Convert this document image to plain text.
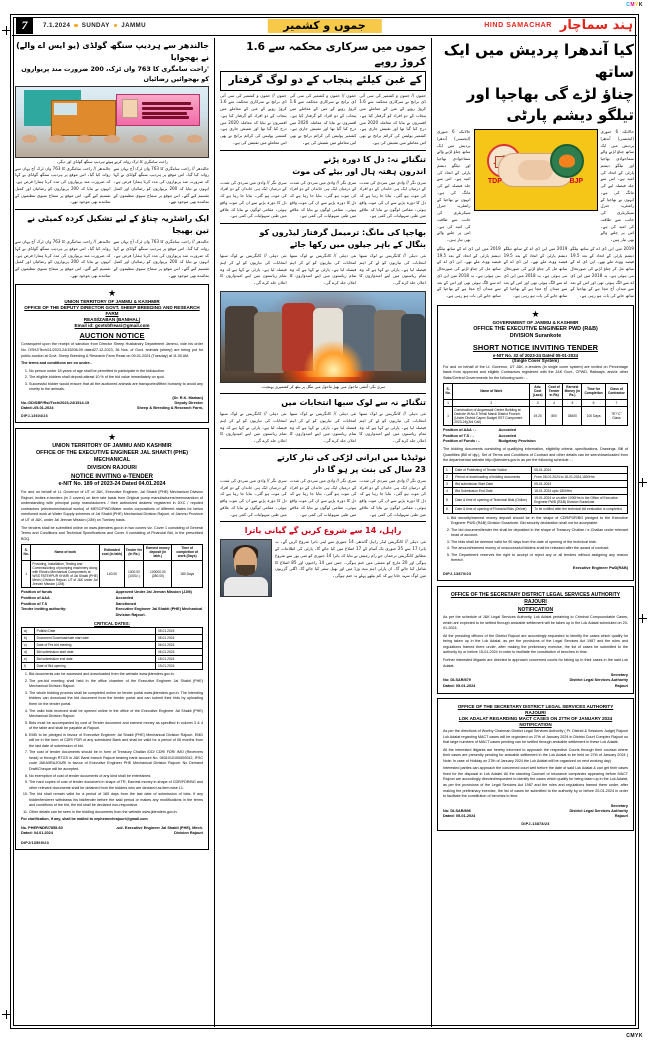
CMYK
CMYK
7	7.1.2024 SUNDAY JAMMU	جموں و کشمیر	HIND SAMACHAR ہند سماچار
جالندھر سے ہردیپ سنگھ گولڈی (یو ایس اے والے) نے بھجوایا
'راحت سامگری کا 763 واں ٹرک، 200 ضرورت مند پریواروں کو بھجوائیں رضائیاں
راحت سامگری کا ٹرک روانہ کرتے ہوئے ہردیپ سنگھ گولڈی اور دیگر۔
جالندھر // راحت سامگری کا 763 واں ٹرک آج یہاں سے روانہ کیا گیا۔ اس موقع پر ہردیپ سنگھ گولڈی نے کہا کہ ضرورت مند پریواروں کی مدد کرنا ہمارا فرض ہے۔ انہوں نے بتایا کہ 200 پریواروں کو رضائیاں اور کمبل تقسیم کیے گئے۔ اس موقع پر سماج سیوی تنظیموں کے نمائندے بھی موجود تھے۔
جالندھر // راحت سامگری کا 763 واں ٹرک آج یہاں سے روانہ کیا گیا۔ اس موقع پر ہردیپ سنگھ گولڈی نے کہا کہ ضرورت مند پریواروں کی مدد کرنا ہمارا فرض ہے۔ انہوں نے بتایا کہ 200 پریواروں کو رضائیاں اور کمبل تقسیم کیے گئے۔ اس موقع پر سماج سیوی تنظیموں کے نمائندے بھی موجود تھے۔
ایک راشٹریہ چناؤ کے لیے تشکیل کردہ کمیٹی نے تین بھیجا
جالندھر // راحت سامگری کا 763 واں ٹرک آج یہاں سے روانہ کیا گیا۔ اس موقع پر ہردیپ سنگھ گولڈی نے کہا کہ ضرورت مند پریواروں کی مدد کرنا ہمارا فرض ہے۔ انہوں نے بتایا کہ 200 پریواروں کو رضائیاں اور کمبل تقسیم کیے گئے۔ اس موقع پر سماج سیوی تنظیموں کے نمائندے بھی موجود تھے۔
جالندھر // راحت سامگری کا 763 واں ٹرک آج یہاں سے روانہ کیا گیا۔ اس موقع پر ہردیپ سنگھ گولڈی نے کہا کہ ضرورت مند پریواروں کی مدد کرنا ہمارا فرض ہے۔ انہوں نے بتایا کہ 200 پریواروں کو رضائیاں اور کمبل تقسیم کیے گئے۔ اس موقع پر سماج سیوی تنظیموں کے نمائندے بھی موجود تھے۔
★
UNION TERRITORY OF JAMMU & KASHMIR
OFFICE OF THE DEPUTY DIRECTOR GOVT. SHEEP BREEDING AND RESEARCH FARM
REASI/ZABAN (BANIHAL)
Email id: govtsbfreasi@gmail.com
AUCTION NOTICE
Consequent upon the receipt of sanction from Director Sheep Husbandry Department Jammu, vide his order No. DSHJ/Tech/11/2023-24/15208-09 dated27-12-2023, 36 Nos. of Govt. animals (sheep) are being put for public auction at Govt. Sheep Breeding & Research Farm Reasi on 09-01-2024 (Tuesday) at 11.00 AM.
The terms and conditions are on under:-
1. No person under 18 years of age shall be permitted to participate in the bid/auction.
2. The eligible bidders shall deposit atleast 10 % of the bid value immediately on spot.
3. Successful bidder would ensure that all the auctioned animals are transported/lifted humanly to avoid any cruelty to the animals.
No.:DD/SBF/Rsi/Tech/2023-24/1514-15
Dated:-05-01-2024
(Dr. R.K. Markan)
Deputy Director
Sheep & Breeding & Research Farm,
DIPJ-13604/23
★
UNION TERRITORY OF JAMMU AND KASHMIR
OFFICE OF THE EXECUTIVE ENGINEER JAL SHAKTI (PHE) MECHANICAL
DIVISION RAJOURI
NOTICE INVITING e-TENDER
e-NIT No. 189 of 2023-24 Dated 04.01.2024
For and on behalf of Lt. Governor of UT of J&K, Executive Engineer, Jal Shakti (PHE) Mechanical Division Rajouri, invites e-tenders (in 2 covers) on item rate basis from Original pump manufacturers/memorandum of understanding with principal pump manufacturers / their authorized dealers/ registered in DXC / reputed contractors (electromechanical works) of MESC/PWD/Water works corporations of different states for below mentioned work at Water Supply schemes of Jal Shakti (PHE) Mechanical Division Rajouri, of Jammu Province of UT of J&K, under Jal Jeevan Mission (JJM) on Turnkey basis.
The tenders shall be submitted online on www.jktenders.gov.in in two covers viz. Cover 1 consisting of General Terms and Conditions and Technical Specifications and Cover II consisting of Financial Bid, in the prescribed BOQ.
S. No.	Name of work	Estimated cost (in lakh)	Tender fee (in Rs.)	Earnest money deposit (in lakh.)	Time of completion of work (Days)
1	Providing, Installation, Testing and Commissioning of pumping machinery along with Electro-Mechanical Components at WSS FATEHPUR KHARI of Jal Shakti (PHE) Mech.) Division Rajouri, UT of J&K under Jal Jeevan Mission (JJM).	140.00	1000.00 (1000/-)	100000.00 (280.00)	180 Days
Position of funds	Approved Under Jal Jeevan Mission (JJM)
Position of AAA	Accorded
Position of T.S	Sanctioned
Tender inviting authority:	Executive Engineer Jal Shakti (PHE) Mechanical Division Rajouri.
CRITICAL DATES:
a)	Publish Date	05.01.2024
b)	Document Download/sale start date	05.01.2024
c)	Date of Pre-bid meeting	06.01.2024
d)	Bid submission start date	06.01.2024
e)	Bid submission end date	18.01.2024
f)	Date of Bid opening	19.01.2024
1. Bid documents can be accessed and downloaded from the website www.jktenders.gov.in.
2. The pre-bid meeting shall held in the office chamber of the Executive Engineer Jal Shakti (PHE) Mechanical Division Rajouri.
3. The whole bidding process shall be completed online on tender portal www.jktenders.gov.in. The intending bidders can download the bid document from the tender portal and can submit their bids by uploading them on the tender portal.
4. The valid bids received shall be opened online in the office of the Executive Engineer Jal Shakti (PHE) Mechanical Division Rajouri.
5. Bids must be accompanied by cost of Tender document and earnest money as specified in column 3 & 4 of the table and shall be payable at Rajouri.
6. EMD to be pledged in favour of Executive Engineer Jal Shakti (PHE) Mechanical Division Rajouri. EMD will be in the form of CDR/ FDR of any scheduled Bank and shall be valid for a period of 06 months from the last date of submission of bid.
7. The cost of tender documents should be in form of Treasury Challan /DD/ CDR/ FDR/ IMO (Receivers head) or through RTGS in J&K Bank branch Rajouri bearing bank account No. 0831010100000042, IFSC code JAKA0RAJOURI in favour of Executive Engineer PHE Mechanical Division Rajouri. No Demand Draft/Cheque will be accepted.
8. No exemption of cost of tender documents of any kind shall be entertained.
9. The hard copies of cost of tender document in shape of TR, Earnest money in shape of CDR/FDR/BG and other relevant documents shall be obtained from the bidders who are declared as item wise L1.
10. The bid shall remain valid for a period of 180 days from the last date of submission of bids. If any bidder/tenderer withdraws his bid/tender before the said period or makes any modifications in the terms and conditions of the bid, the bid shall be declared non-responsive.
11. Other details can be seen in the bidding documents from the website www.jktenders.gov.in.
For clarification, if any, shall be mailed to eephemechrajouri@gmail.com
No. PHEP/NDR/7855-60
Dated: 04.01.2024
-sd/- Executive Engineer Jal Shakti (PHE), Mech. Division Rajouri
DIPJ/13569/23
جموں میں سرکاری محکمہ سے 1.6 کروڑ روپے
کے غبن کیلئے پنجاب کے دو لوگ گرفتار
جموں // جموں و کشمیر کی سی آئی ڈی برانچ نے سرکاری محکمہ سے 1.6 کروڑ روپے کے غبن کے معاملے میں پنجاب کے دو افراد کو گرفتار کیا ہے۔ افسروں نے بتایا کہ معاملہ 2020 میں درج کیا گیا تھا اور تفتیش جاری ہے۔ کشمیر پولیس کی کرائم برانچ نے بھی اس معاملے میں تفتیش کی ہے۔
جموں // جموں و کشمیر کی سی آئی ڈی برانچ نے سرکاری محکمہ سے 1.6 کروڑ روپے کے غبن کے معاملے میں پنجاب کے دو افراد کو گرفتار کیا ہے۔ افسروں نے بتایا کہ معاملہ 2020 میں درج کیا گیا تھا اور تفتیش جاری ہے۔ کشمیر پولیس کی کرائم برانچ نے بھی اس معاملے میں تفتیش کی ہے۔
جموں // جموں و کشمیر کی سی آئی ڈی برانچ نے سرکاری محکمہ سے 1.6 کروڑ روپے کے غبن کے معاملے میں پنجاب کے دو افراد کو گرفتار کیا ہے۔ افسروں نے بتایا کہ معاملہ 2020 میں درج کیا گیا تھا اور تفتیش جاری ہے۔ کشمیر پولیس کی کرائم برانچ نے بھی اس معاملے میں تفتیش کی ہے۔
تنگنائے نہ: دل کا دورہ پڑنے
اندرون ہفتہ ہال اور بیٹے کی موت
سری نگر // وادی میں سردی کی شدت کے درمیان ایک ہی خاندان کے دو افراد کی موت ہو گئی۔ بتایا جا رہا ہے کہ دل کا دورہ پڑنے سے ان کی موت واقع ہوئی۔ مقامی لوگوں نے بتایا کہ علاقے میں طبی سہولیات کی کمی ہے۔
سری نگر // وادی میں سردی کی شدت کے درمیان ایک ہی خاندان کے دو افراد کی موت ہو گئی۔ بتایا جا رہا ہے کہ دل کا دورہ پڑنے سے ان کی موت واقع ہوئی۔ مقامی لوگوں نے بتایا کہ علاقے میں طبی سہولیات کی کمی ہے۔
سری نگر // وادی میں سردی کی شدت کے درمیان ایک ہی خاندان کے دو افراد کی موت ہو گئی۔ بتایا جا رہا ہے کہ دل کا دورہ پڑنے سے ان کی موت واقع ہوئی۔ مقامی لوگوں نے بتایا کہ علاقے میں طبی سہولیات کی کمی ہے۔
بھاجپا کی مانگ: ترمیمل گرفتار لیڈروں کو
بنگال کے باہر جیلوں میں رکھا جائے
نئی دہلی // کانگریس نے لوک سبھا انتخابات کی تیاریوں کو لے کر اہم فیصلہ لیا ہے۔ پارٹی نے کہا ہے کہ وہ تمام ریاستوں میں اپنے امیدواروں کا اعلان جلد کرے گی۔
نئی دہلی // کانگریس نے لوک سبھا انتخابات کی تیاریوں کو لے کر اہم فیصلہ لیا ہے۔ پارٹی نے کہا ہے کہ وہ تمام ریاستوں میں اپنے امیدواروں کا اعلان جلد کرے گی۔
نئی دہلی // کانگریس نے لوک سبھا انتخابات کی تیاریوں کو لے کر اہم فیصلہ لیا ہے۔ پارٹی نے کہا ہے کہ وہ تمام ریاستوں میں اپنے امیدواروں کا اعلان جلد کرے گی۔
سری نگر: آتشی ماحول میں بھیڑ ماحول میں تنگل پر بیٹھ کر کشمیری پہنچت۔
تنگنائے نہ سے لوک سبھا انتخابات میں
نئی دہلی // کانگریس نے لوک سبھا انتخابات کی تیاریوں کو لے کر اہم فیصلہ لیا ہے۔ پارٹی نے کہا ہے کہ وہ تمام ریاستوں میں اپنے امیدواروں کا اعلان جلد کرے گی۔
نئی دہلی // کانگریس نے لوک سبھا انتخابات کی تیاریوں کو لے کر اہم فیصلہ لیا ہے۔ پارٹی نے کہا ہے کہ وہ تمام ریاستوں میں اپنے امیدواروں کا اعلان جلد کرے گی۔
نئی دہلی // کانگریس نے لوک سبھا انتخابات کی تیاریوں کو لے کر اہم فیصلہ لیا ہے۔ پارٹی نے کہا ہے کہ وہ تمام ریاستوں میں اپنے امیدواروں کا اعلان جلد کرے گی۔
نوٹیڈیا میں ایرانی لڑکی کی تیار کارتے
23 سال کی بنت پر ہو گا دار
سری نگر // وادی میں سردی کی شدت کے درمیان ایک ہی خاندان کے دو افراد کی موت ہو گئی۔ بتایا جا رہا ہے کہ دل کا دورہ پڑنے سے ان کی موت واقع ہوئی۔ مقامی لوگوں نے بتایا کہ علاقے میں طبی سہولیات کی کمی ہے۔
سری نگر // وادی میں سردی کی شدت کے درمیان ایک ہی خاندان کے دو افراد کی موت ہو گئی۔ بتایا جا رہا ہے کہ دل کا دورہ پڑنے سے ان کی موت واقع ہوئی۔ مقامی لوگوں نے بتایا کہ علاقے میں طبی سہولیات کی کمی ہے۔
سری نگر // وادی میں سردی کی شدت کے درمیان ایک ہی خاندان کے دو افراد کی موت ہو گئی۔ بتایا جا رہا ہے کہ دل کا دورہ پڑنے سے ان کی موت واقع ہوئی۔ مقامی لوگوں نے بتایا کہ علاقے میں طبی سہولیات کی کمی ہے۔
راہل، 14 سے شروع کریں گے گیانی یاترا
نئی دہلی // کانگریس لیڈر راہل گاندھی 14 جنوری سے اپنی یاترا شروع کریں گے۔ یہ یاترا 17 سے 25 جنوری تک آسام کے 17 اضلاع میں کیا جائے گا۔ پارٹی کی اطلاعات کے مطابق کانگریس ترجمان جے رام رمیش نے بتایا کہ یاترا 14 جنوری کو منی پور سے شروع ہوگی اور 20 مارچ کو ممبئی میں ختم ہوگی۔ جس میں 14 راجیوں اور 85 اضلاع کا شامل کیا جائے گا۔ ان پارٹی اہم نیٹ ورڈ میں اور بھیل سفر کیا جائے گا۔ اگلی گزریوں میں لوگ سہہ جاتا ہے کہ کم بیٹھے پہلے یہ ختم ہوگی۔
کیا آندھرا پردیش میں ایک ساتھ
چناؤ لڑے گی بھاجپا اور تیلگو دیشم پارٹی
حالانکہ 6 جنوری (ایجنسی) آندھرا پردیش میں ایک ساتھ چناؤ لڑنے والے سماجوادی بھاجپا اور تیلگو دیشم پارٹی کے اتحاد کی امید ہے۔ اس سے جلد فیصلہ لیے کی مانگ کی ہے۔ انہوں نے بھاجپا کے راشٹریہ جنرل سیکریٹری کی جانب سے طاقت کی امید کی ہے۔ اس پر چلنے والے بھی تیار ہیں۔
TDP	BJP
حالانکہ 6 جنوری (ایجنسی) آندھرا پردیش میں ایک ساتھ چناؤ لڑنے والے سماجوادی بھاجپا اور تیلگو دیشم پارٹی کے اتحاد کی امید ہے۔ اس سے جلد فیصلہ لیے کی مانگ کی ہے۔ انہوں نے بھاجپا کے راشٹریہ جنرل سیکریٹری کی جانب سے طاقت کی امید کی ہے۔ اس پر چلنے والے بھی تیار ہیں۔
2019 میں این ڈی اے کے ساتھ تیلگو دیشم پارٹی کے اتحاد کے بعد 19.5 فیصد ووٹ ملے تھے۔ این ڈی اے کے ساتھ مل کر چناؤ لڑنے کی صورتحال بنی ہوئی ہے۔ یہ 2018 میں این ڈی اے سے الگ ہوئی تھی اور اس کے بعد سے میدان آج مچا ہے کے بھاجپا کے ساتھ جانے کی بات ہو رہی ہے۔
2019 میں این ڈی اے کے ساتھ تیلگو دیشم پارٹی کے اتحاد کے بعد 19.5 فیصد ووٹ ملے تھے۔ این ڈی اے کے ساتھ مل کر چناؤ لڑنے کی صورتحال بنی ہوئی ہے۔ یہ 2018 میں این ڈی اے سے الگ ہوئی تھی اور اس کے بعد سے میدان آج مچا ہے کے بھاجپا کے ساتھ جانے کی بات ہو رہی ہے۔
2019 میں این ڈی اے کے ساتھ تیلگو دیشم پارٹی کے اتحاد کے بعد 19.5 فیصد ووٹ ملے تھے۔ این ڈی اے کے ساتھ مل کر چناؤ لڑنے کی صورتحال بنی ہوئی ہے۔ یہ 2018 میں این ڈی اے سے الگ ہوئی تھی اور اس کے بعد سے میدان آج مچا ہے کے بھاجپا کے ساتھ جانے کی بات ہو رہی ہے۔
★
GOVERNMENT OF JAMMU & KASHMIR
OFFICE THE EXECUTIVE ENGINEER PWD (R&B)
DIVISION Surankote
SHORT NOTICE INVITING TENDER
e-NIT No. 32 of 2023-24 Dated 05-01-2024
(Single Cover System)
For and on behalf of the Lt. Governor, UT J&K, e-tenders (in single cover system) are invited on Percentage basis from approved and eligible Contractors registered with the J&K Govt., CPWD, Railways, and/or other State/Central Governments for the following work : -
S. No.	Name of Work	Adv. Cost (Lacs)	Cost of Tender in Rs)	Earnest Money (in Rs.)	Time for Completion	Class of Contractor
1	2	3	4	5	6	7
1	Construction of Anganwadi Centre Building at Dedrote W.No.5 Tehsil Mandi District Poonch. (Under District Capex Budget SST Component 2023-24)(3rd Call)	19.20	800	38400	100 Days	"B"/"C" Class
Position of AAA : -	Accorded
Position of T.S : -	Accorded
Position of Funds : -	Budgetary Provision
The bidding documents consisting of qualifying information, eligibility criteria, specifications, Drawings, Bill of Quantities (Bill of qty.), Set of Terms and Conditions of Contract and other details can be seen/downloaded from the departmental website http://jktenders.gov.in as per the following schedule : -
1	Date of Publishing of Tender Notice	05-01-2024
2	Period of downloading of bidding documents	From 05-01-2024 to 18-01-2024,1800Hrs
3	Bid submission Start Date	05-01-2024
4	Bid Submission End Date	18-01-2024 upto 1800Hrs
5	Date & time of opening of Technical Bids (Online)	19-01-2024 or on after 1000Hrs in the Office of Executive Engineer PWD (R&B) Division Surankote.
6	Date & time of opening of Financial Bids (Online)	To be notified after the technical bid evaluation is completed.
1. Bid security/earnest money deposit should be in the shape of CDR/FDR/BG pledged to the Executive Engineer PWD (R&B) Division Surankote. Bid security declaration shall not be acceptable.
2. The bid document/tender fee shall be deposited in the shape of Treasury Challan / e-Challan under relevant head of account.
3. The bids shall be deemed valid for 90 days from the date of opening of the technical bids.
4. The amount/earnest money of unsuccessful bidders shall be released after the award of contract.
5. The Department reserves the right to accept or reject any or all tenders without assigning any reason thereof.
Executive Engineer PwD(R&B)
DIPJ-13870/23
OFFICE OF THE SECRETARY DISTRICT LEGAL SERVICES AUTHORITY
RAJOURI
NOTIFICATION
As per the schedule of J&K Legal Services Authority, Lok Adalat pertaining to Criminal Compoundable Cases, which are expected to be settled through amicable settlement will be taken up in the Lok Adalat scheduled on 20-01-2024.
All the presiding officers of the District Rajouri are accordingly requested to identify the cases which qualify for being taken up in the Lok Adalat, as per the provisions of the Legal Services Act 1987 and the rules and regulations framed there under, after making the preliminary exercise, the list of cases be submitted to the authority by or before 15-01-2024 in order to facilitate the constitution of benches in time.
Further interested litigants are directed to approach concerned courts for taking up in their cases in the said Lok Adalat.
No: DLSAR/879
Dated: 05-01-2024
Secretary
District Legal Services Authority
Rajouri
OFFICE OF THE SECRETARY DISTRICT LEGAL SERVICES AUTHORITY
RAJOURI
LOK ADALAT REGARDING MACT CASES ON 27TH OF JANUARY 2024
NOTIFICATION
As per the directions of Worthy Chairman District Legal Services Authority ( Pr. District & Sessions Judge) Rajouri Lok Adalat regarding MACT cases will be organized on 27th of January 2024 in District Court Complex Rajouri so that large numbers of MACT cases pending can be settled through amicable settlement in these Lok Adalat.
All the interested litigants are hereby informed to approach the respective Courts through their counsel where their cases are presently pending for amicable settlement in the Lok Adalat to be held on 27th of January 2024 ( Note: In case of Holiday on 27th of January 2024 the Lok Adalat will be organized on next working day)
Interested parties can approach the concerned court well before the date of said Lok Adalat & can get their cases fixed for the disposal in Lok Adalat. All the standing Counsel of insurance companies appearing before MACT Rajouri are accordingly directed/requested to identify the cases which qualify for being taken up in the Lok Adalat, as per the provisions of the Legal Services Act 1987 and the rules and regulations framed there under, after making the preliminary exercise, the list of cases be submitted to the authority by or before 20-01-2024 in order to facilitate the constitution of benches in time.
No: DLSAR/896
Dated: 05-01-2024
Secretary
District Legal Services Authority
Rajouri
DIPJ-13878/23
